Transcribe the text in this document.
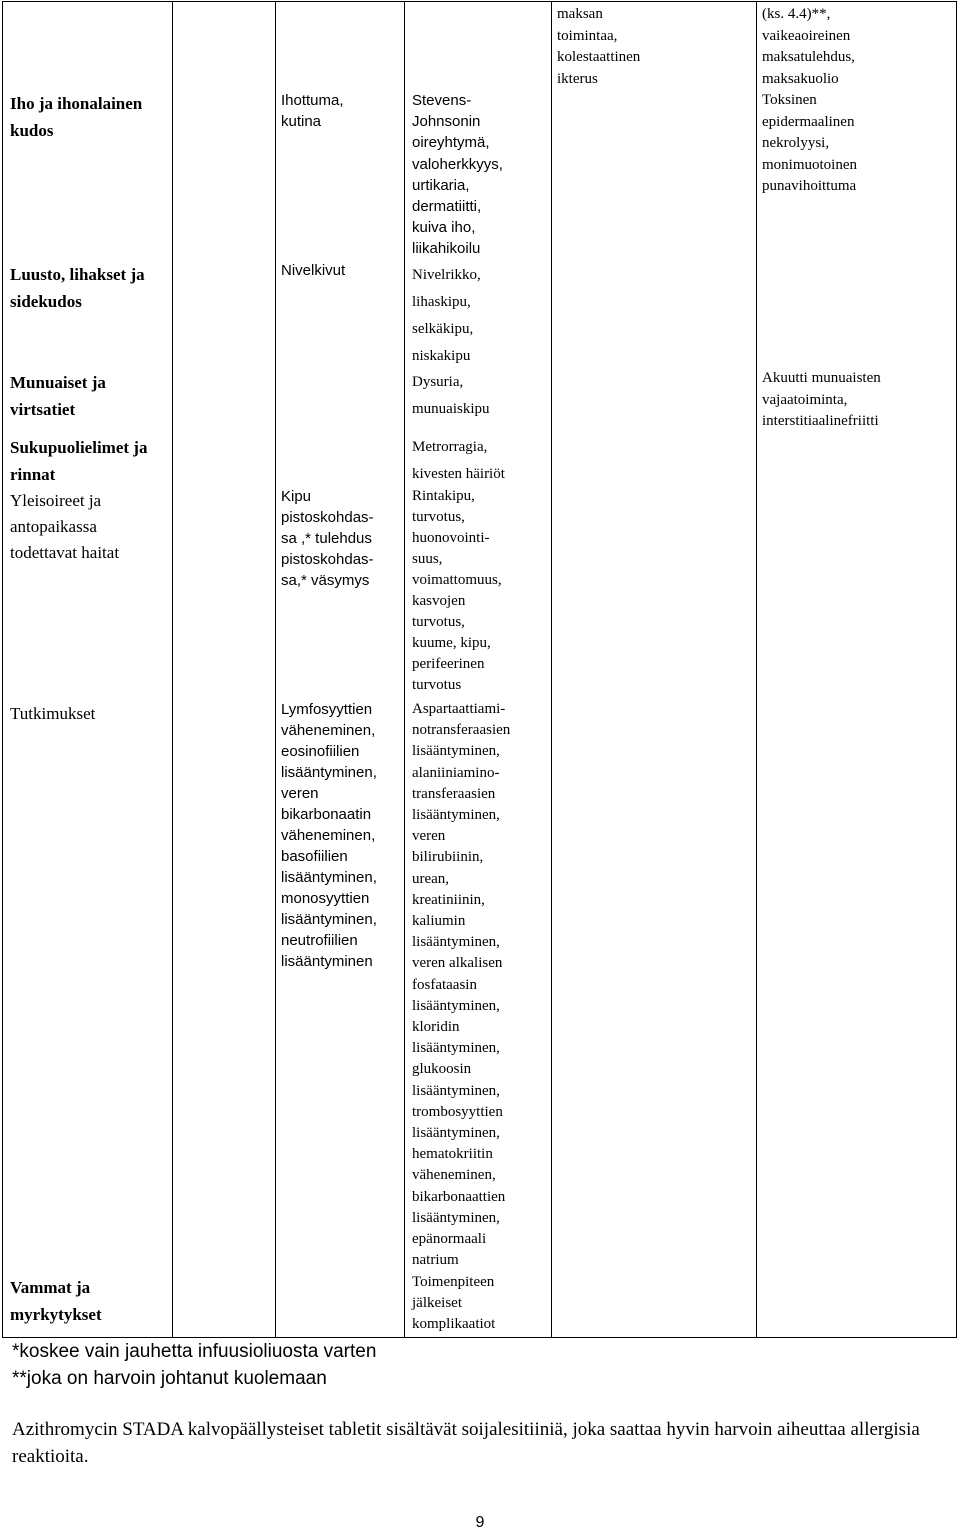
Iho ja ihonalainen kudos
Ihottuma,
kutina
Stevens-
Johnsonin
oireyhtymä,
valoherkkyys,
urtikaria,
dermatiitti,
kuiva iho,
liikahikoilu
maksan
toimintaa,
kolestaattinen
ikterus
(ks. 4.4)**,
vaikeaoireinen
maksatulehdus,
maksakuolio
Toksinen
epidermaalinen
nekrolyysi,
monimuotoinen
punavihoittuma
Luusto, lihakset ja sidekudos
Nivelkivut	Nivelrikko,
lihaskipu,
selkäkipu,
niskakipu
Munuaiset ja virtsatiet
Dysuria,
munuaiskipu
Akuutti munuaisten
vajaatoiminta,
interstitiaalinefriitti
Sukupuolielimet ja rinnat
Metrorragia,
kivesten häiriöt
Yleisoireet ja antopaikassa todettavat haitat
Kipu
pistoskohdas-
sa ,* tulehdus
pistoskohdas-
sa,* väsymys
Rintakipu,
turvotus,
huonovointi-
suus,
voimattomuus,
kasvojen
turvotus,
kuume, kipu,
perifeerinen
turvotus
Tutkimukset	Lymfosyyttien
väheneminen,
eosinofiilien
lisääntyminen,
veren
bikarbonaatin
väheneminen,
basofiilien
lisääntyminen,
monosyyttien
lisääntyminen,
neutrofiilien
lisääntyminen
Aspartaattiami-
notransferaasien
lisääntyminen,
alaniiniamino-
transferaasien
lisääntyminen,
veren
bilirubiinin,
urean,
kreatiniinin,
kaliumin
lisääntyminen,
veren alkalisen
fosfataasin
lisääntyminen,
kloridin
lisääntyminen,
glukoosin
lisääntyminen,
trombosyyttien
lisääntyminen,
hematokriitin
väheneminen,
bikarbonaattien
lisääntyminen,
epänormaali
natrium
Vammat ja myrkytykset
Toimenpiteen
jälkeiset
komplikaatiot
*koskee vain jauhetta infuusioliuosta varten
**joka on harvoin johtanut kuolemaan
Azithromycin STADA kalvopäällysteiset tabletit sisältävät soijalesitiiniä, joka saattaa hyvin harvoin aiheuttaa allergisia reaktioita.
9
